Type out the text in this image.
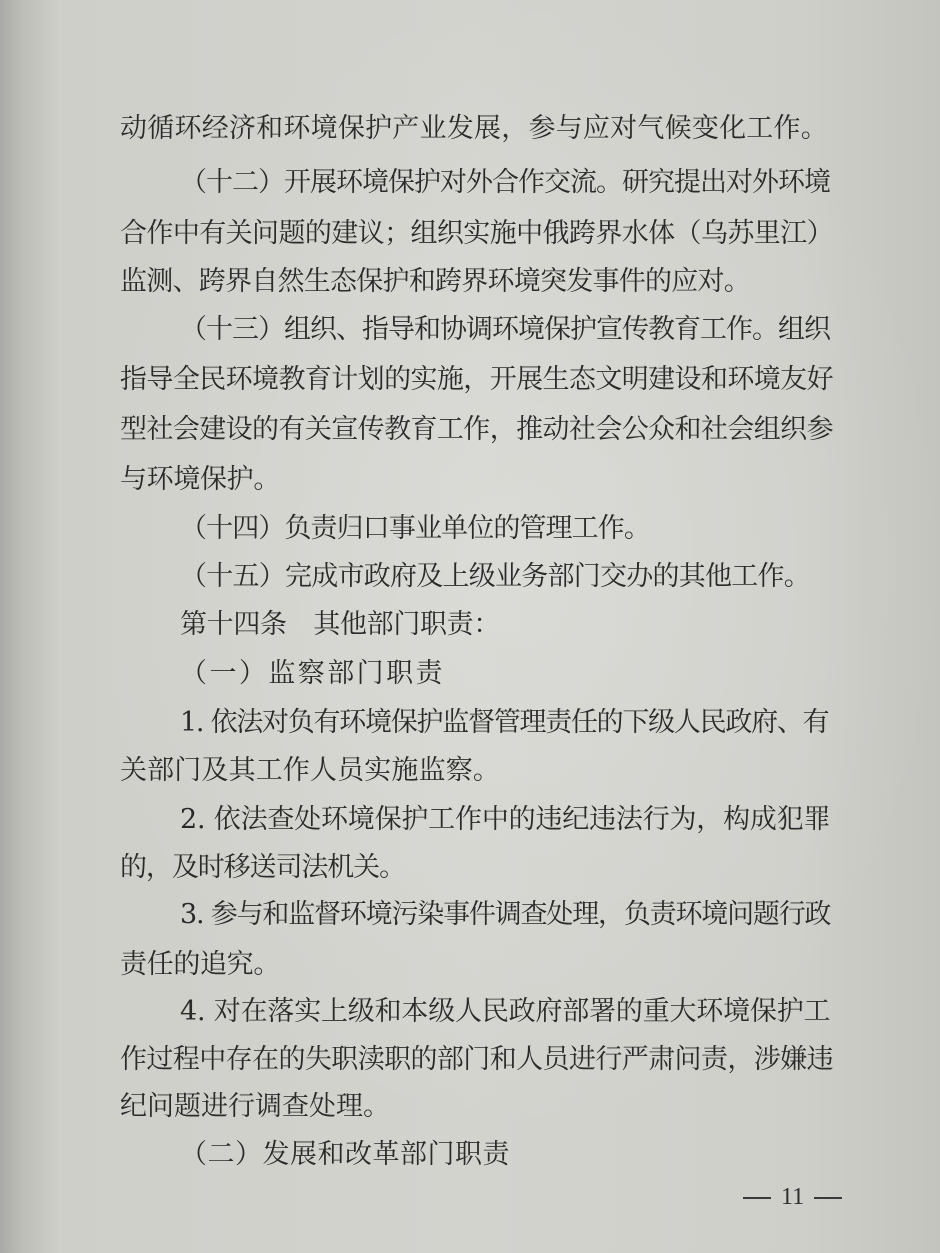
动循环经济和环境保护产业发展，参与应对气候变化工作。
（十二）开展环境保护对外合作交流。研究提出对外环境
合作中有关问题的建议；组织实施中俄跨界水体（乌苏里江）
监测、跨界自然生态保护和跨界环境突发事件的应对。
（十三）组织、指导和协调环境保护宣传教育工作。组织
指导全民环境教育计划的实施，开展生态文明建设和环境友好
型社会建设的有关宣传教育工作，推动社会公众和社会组织参
与环境保护。
（十四）负责归口事业单位的管理工作。
（十五）完成市政府及上级业务部门交办的其他工作。
第十四条　其他部门职责：
（一）监察部门职责
1. 依法对负有环境保护监督管理责任的下级人民政府、有
关部门及其工作人员实施监察。
2. 依法查处环境保护工作中的违纪违法行为，构成犯罪
的，及时移送司法机关。
3. 参与和监督环境污染事件调查处理，负责环境问题行政
责任的追究。
4. 对在落实上级和本级人民政府部署的重大环境保护工
作过程中存在的失职渎职的部门和人员进行严肃问责，涉嫌违
纪问题进行调查处理。
（二）发展和改革部门职责
11
